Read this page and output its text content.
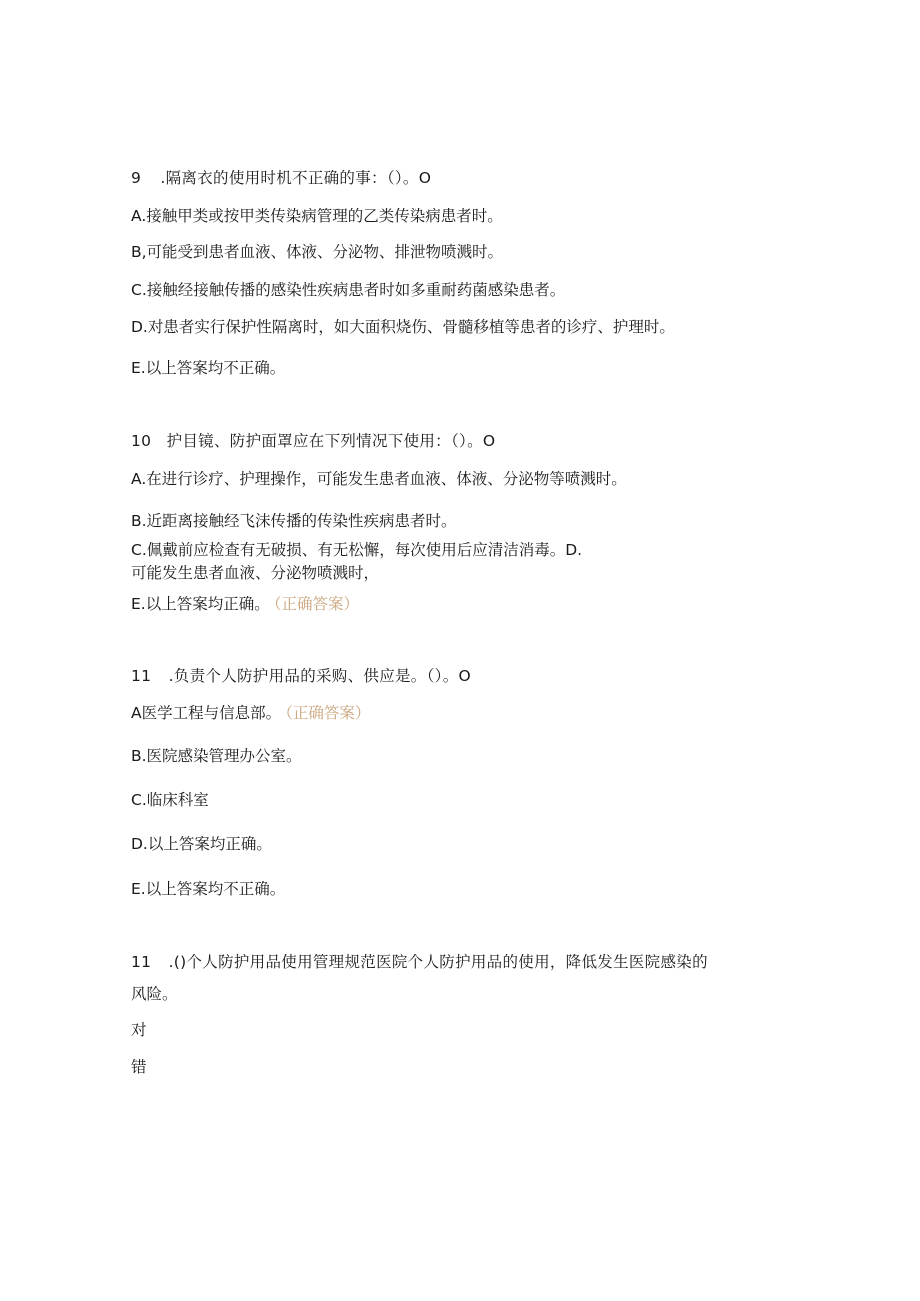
9 .隔离衣的使用时机不正确的事：（）。O
A.接触甲类或按甲类传染病管理的乙类传染病患者时。
B,可能受到患者血液、体液、分泌物、排泄物喷溅时。
C.接触经接触传播的感染性疾病患者时如多重耐药菌感染患者。
D.对患者实行保护性隔离时，如大面积烧伤、骨髓移植等患者的诊疗、护理时。
E.以上答案均不正确。
10 护目镜、防护面罩应在下列情况下使用：（）。O
A.在进行诊疗、护理操作，可能发生患者血液、体液、分泌物等喷溅时。
B.近距离接触经飞沫传播的传染性疾病患者时。
C.佩戴前应检查有无破损、有无松懈，每次使用后应清洁消毒。D.
可能发生患者血液、分泌物喷溅时，
E.以上答案均正确。 （正确答案）
11 .负责个人防护用品的采购、供应是。（）。O
A医学工程与信息部。 （正确答案）
B.医院感染管理办公室。
C.临床科室
D.以上答案均正确。
E.以上答案均不正确。
11 .()个人防护用品使用管理规范医院个人防护用品的使用，降低发生医院感染的
风险。
对
错
